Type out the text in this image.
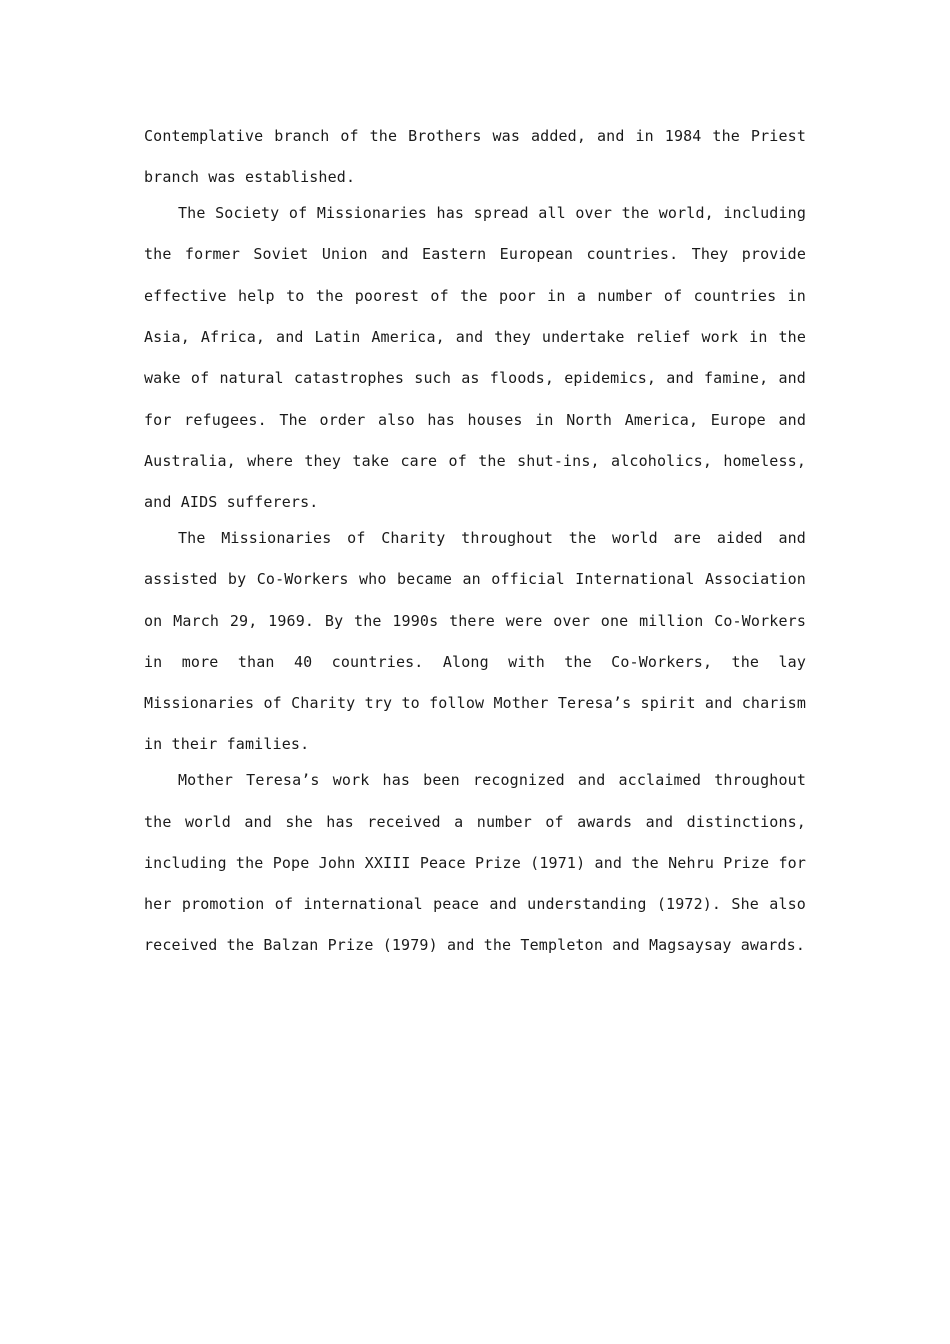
Contemplative branch of the Brothers was added, and in 1984 the Priest branch was established.

The Society of Missionaries has spread all over the world, including the former Soviet Union and Eastern European countries. They provide effective help to the poorest of the poor in a number of countries in Asia, Africa, and Latin America, and they undertake relief work in the wake of natural catastrophes such as floods, epidemics, and famine, and for refugees. The order also has houses in North America, Europe and Australia, where they take care of the shut-ins, alcoholics, homeless, and AIDS sufferers.

The Missionaries of Charity throughout the world are aided and assisted by Co-Workers who became an official International Association on March 29, 1969. By the 1990s there were over one million Co-Workers in more than 40 countries. Along with the Co-Workers, the lay Missionaries of Charity try to follow Mother Teresa’s spirit and charism in their families.

Mother Teresa’s work has been recognized and acclaimed throughout the world and she has received a number of awards and distinctions, including the Pope John XXIII Peace Prize (1971) and the Nehru Prize for her promotion of international peace and understanding (1972). She also received the Balzan Prize (1979) and the Templeton and Magsaysay awards.
